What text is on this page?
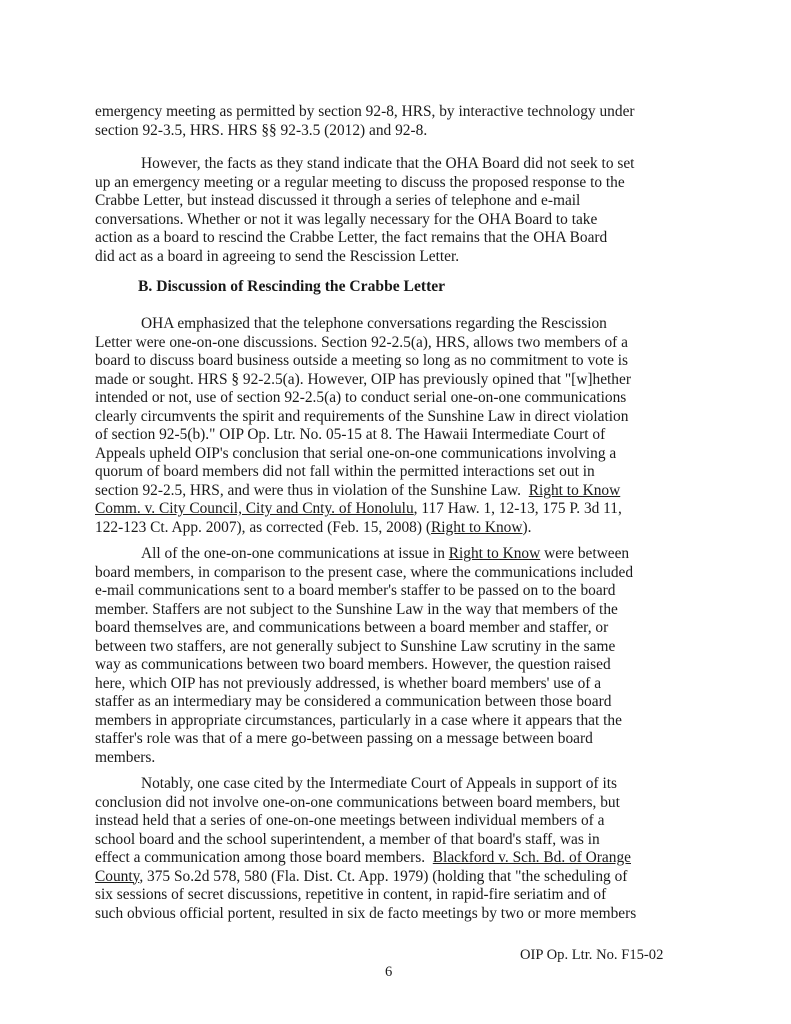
emergency meeting as permitted by section 92-8, HRS, by interactive technology under
section 92-3.5, HRS. HRS §§ 92-3.5 (2012) and 92-8.
However, the facts as they stand indicate that the OHA Board did not seek to set
up an emergency meeting or a regular meeting to discuss the proposed response to the
Crabbe Letter, but instead discussed it through a series of telephone and e-mail
conversations. Whether or not it was legally necessary for the OHA Board to take
action as a board to rescind the Crabbe Letter, the fact remains that the OHA Board
did act as a board in agreeing to send the Rescission Letter.
B. Discussion of Rescinding the Crabbe Letter
OHA emphasized that the telephone conversations regarding the Rescission
Letter were one-on-one discussions. Section 92-2.5(a), HRS, allows two members of a
board to discuss board business outside a meeting so long as no commitment to vote is
made or sought. HRS § 92-2.5(a). However, OIP has previously opined that "[w]hether
intended or not, use of section 92-2.5(a) to conduct serial one-on-one communications
clearly circumvents the spirit and requirements of the Sunshine Law in direct violation
of section 92-5(b)." OIP Op. Ltr. No. 05-15 at 8. The Hawaii Intermediate Court of
Appeals upheld OIP's conclusion that serial one-on-one communications involving a
quorum of board members did not fall within the permitted interactions set out in
section 92-2.5, HRS, and were thus in violation of the Sunshine Law. Right to Know
Comm. v. City Council, City and Cnty. of Honolulu, 117 Haw. 1, 12-13, 175 P. 3d 11,
122-123 Ct. App. 2007), as corrected (Feb. 15, 2008) (Right to Know).
All of the one-on-one communications at issue in Right to Know were between
board members, in comparison to the present case, where the communications included
e-mail communications sent to a board member's staffer to be passed on to the board
member. Staffers are not subject to the Sunshine Law in the way that members of the
board themselves are, and communications between a board member and staffer, or
between two staffers, are not generally subject to Sunshine Law scrutiny in the same
way as communications between two board members. However, the question raised
here, which OIP has not previously addressed, is whether board members' use of a
staffer as an intermediary may be considered a communication between those board
members in appropriate circumstances, particularly in a case where it appears that the
staffer's role was that of a mere go-between passing on a message between board
members.
Notably, one case cited by the Intermediate Court of Appeals in support of its
conclusion did not involve one-on-one communications between board members, but
instead held that a series of one-on-one meetings between individual members of a
school board and the school superintendent, a member of that board's staff, was in
effect a communication among those board members. Blackford v. Sch. Bd. of Orange
County, 375 So.2d 578, 580 (Fla. Dist. Ct. App. 1979) (holding that "the scheduling of
six sessions of secret discussions, repetitive in content, in rapid-fire seriatim and of
such obvious official portent, resulted in six de facto meetings by two or more members
OIP Op. Ltr. No. F15-02
6
